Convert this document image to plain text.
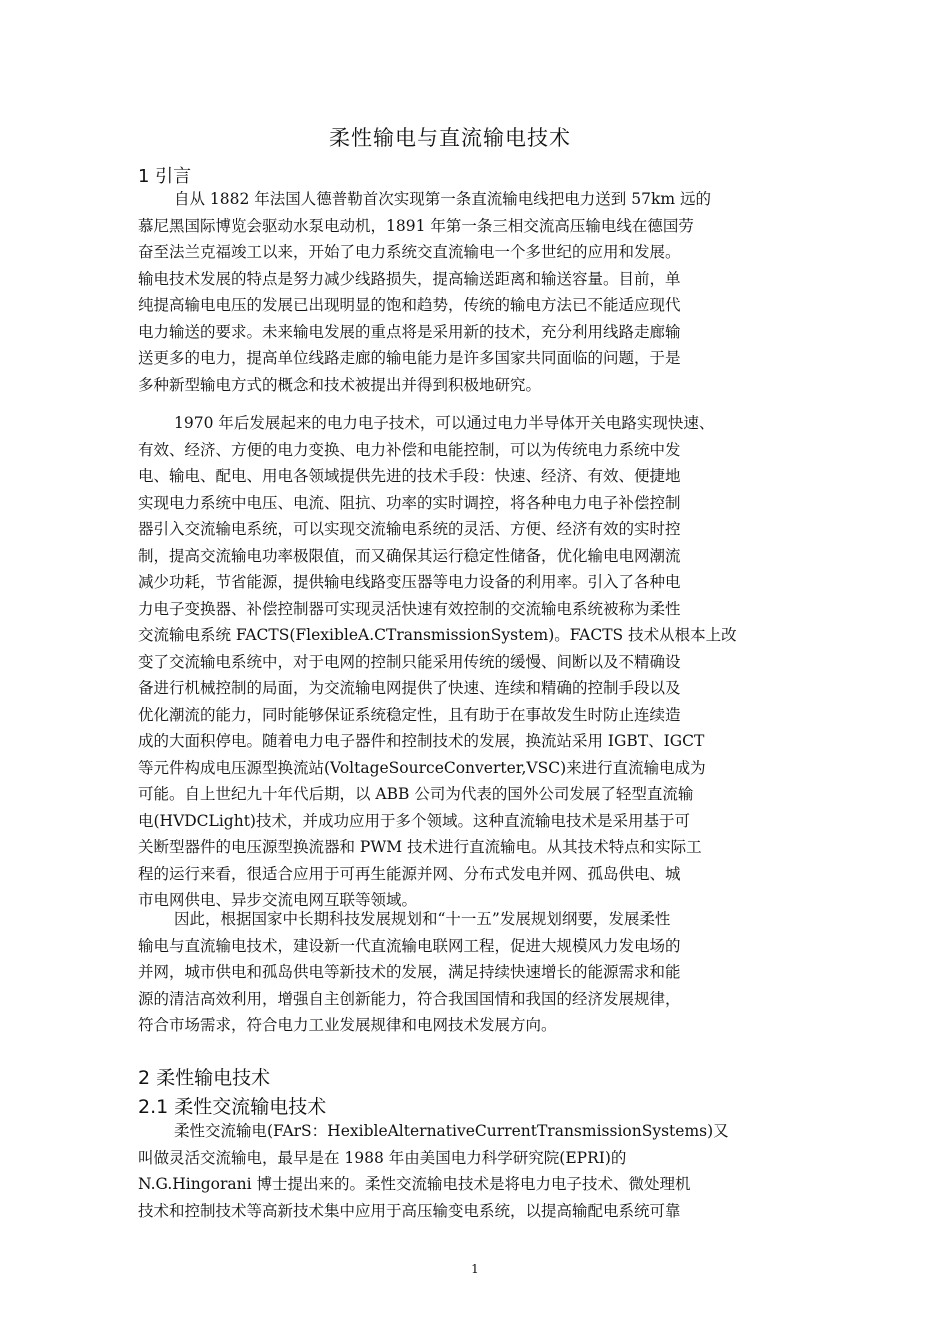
柔性输电与直流输电技术
1 引言
自从 1882 年法国人德普勒首次实现第一条直流输电线把电力送到 57km 远的
慕尼黑国际博览会驱动水泵电动机，1891 年第一条三相交流高压输电线在德国劳
奋至法兰克福竣工以来，开始了电力系统交直流输电一个多世纪的应用和发展。
输电技术发展的特点是努力减少线路损失，提高输送距离和输送容量。目前，单
纯提高输电电压的发展已出现明显的饱和趋势，传统的输电方法已不能适应现代
电力输送的要求。未来输电发展的重点将是采用新的技术，充分利用线路走廊输
送更多的电力，提高单位线路走廊的输电能力是许多国家共同面临的问题，于是
多种新型输电方式的概念和技术被提出并得到积极地研究。
1970 年后发展起来的电力电子技术，可以通过电力半导体开关电路实现快速、
有效、经济、方便的电力变换、电力补偿和电能控制，可以为传统电力系统中发
电、输电、配电、用电各领域提供先进的技术手段：快速、经济、有效、便捷地
实现电力系统中电压、电流、阻抗、功率的实时调控，将各种电力电子补偿控制
器引入交流输电系统，可以实现交流输电系统的灵活、方便、经济有效的实时控
制，提高交流输电功率极限值，而又确保其运行稳定性储备，优化输电电网潮流
减少功耗，节省能源，提供输电线路变压器等电力设备的利用率。引入了各种电
力电子变换器、补偿控制器可实现灵活快速有效控制的交流输电系统被称为柔性
交流输电系统 FACTS(FlexibleA.CTransmissionSystem)。FACTS 技术从根本上改
变了交流输电系统中，对于电网的控制只能采用传统的缓慢、间断以及不精确设
备进行机械控制的局面，为交流输电网提供了快速、连续和精确的控制手段以及
优化潮流的能力，同时能够保证系统稳定性，且有助于在事故发生时防止连续造
成的大面积停电。随着电力电子器件和控制技术的发展，换流站采用 IGBT、IGCT
等元件构成电压源型换流站(VoltageSourceConverter,VSC)来进行直流输电成为
可能。自上世纪九十年代后期，以 ABB 公司为代表的国外公司发展了轻型直流输
电(HVDCLight)技术，并成功应用于多个领域。这种直流输电技术是采用基于可
关断型器件的电压源型换流器和 PWM 技术进行直流输电。从其技术特点和实际工
程的运行来看，很适合应用于可再生能源并网、分布式发电并网、孤岛供电、城
市电网供电、异步交流电网互联等领域。
因此，根据国家中长期科技发展规划和“十一五”发展规划纲要，发展柔性
输电与直流输电技术，建设新一代直流输电联网工程，促进大规模风力发电场的
并网，城市供电和孤岛供电等新技术的发展，满足持续快速增长的能源需求和能
源的清洁高效利用，增强自主创新能力，符合我国国情和我国的经济发展规律，
符合市场需求，符合电力工业发展规律和电网技术发展方向。
2 柔性输电技术
2.1 柔性交流输电技术
柔性交流输电(FArS：HexibleAlternativeCurrentTransmissionSystems)又
叫做灵活交流输电，最早是在 1988 年由美国电力科学研究院(EPRI)的
N.G.Hingorani 博士提出来的。柔性交流输电技术是将电力电子技术、微处理机
技术和控制技术等高新技术集中应用于高压输变电系统，以提高输配电系统可靠
1
